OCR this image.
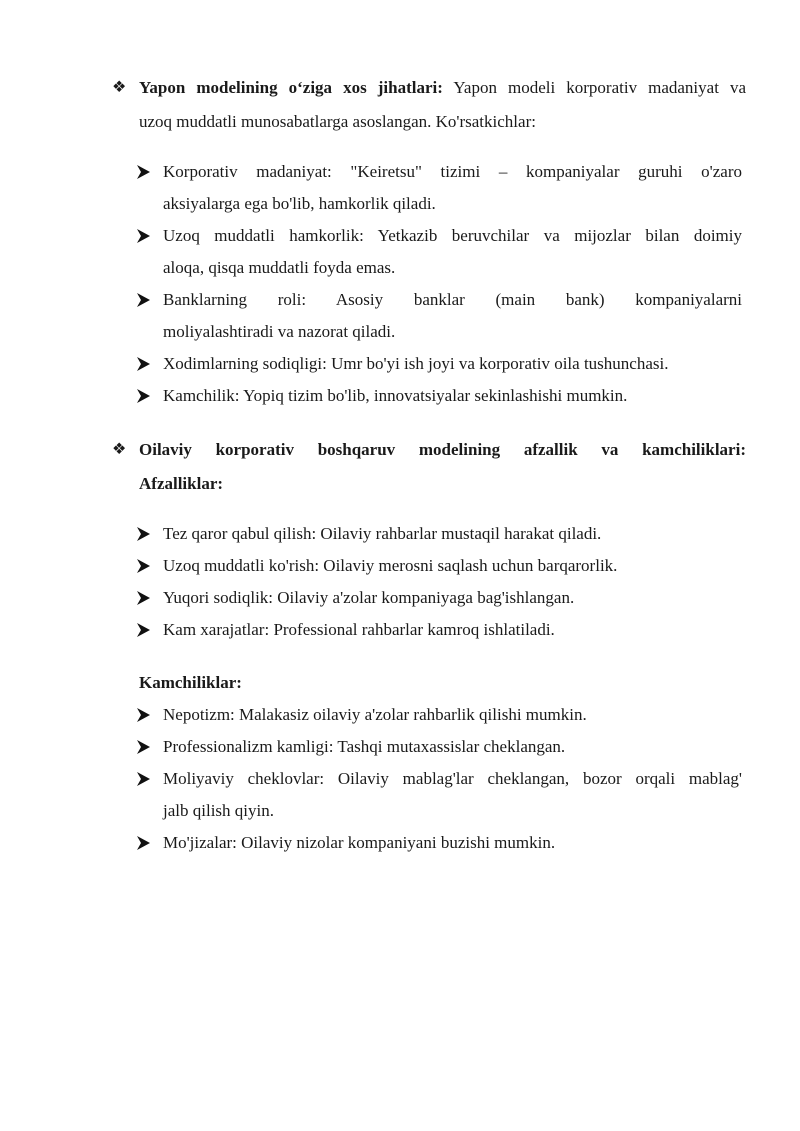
❖ Yapon modelining o‘ziga xos jihatlari: Yapon modeli korporativ madaniyat va
uzoq muddatli munosabatlarga asoslangan. Ko'rsatkichlar:
Korporativ madaniyat: "Keiretsu" tizimi – kompaniyalar guruhi o'zaro
aksiyalarga ega bo'lib, hamkorlik qiladi.
Uzoq muddatli hamkorlik: Yetkazib beruvchilar va mijozlar bilan doimiy
aloqa, qisqa muddatli foyda emas.
Banklarning roli: Asosiy banklar (main bank) kompaniyalarni
moliyalashtiradi va nazorat qiladi.
Xodimlarning sodiqligi: Umr bo'yi ish joyi va korporativ oila tushunchasi.
Kamchilik: Yopiq tizim bo'lib, innovatsiyalar sekinlashishi mumkin.
❖ Oilaviy korporativ boshqaruv modelining afzallik va kamchiliklari:
Afzalliklar:
Tez qaror qabul qilish: Oilaviy rahbarlar mustaqil harakat qiladi.
Uzoq muddatli ko'rish: Oilaviy merosni saqlash uchun barqarorlik.
Yuqori sodiqlik: Oilaviy a'zolar kompaniyaga bag'ishlangan.
Kam xarajatlar: Professional rahbarlar kamroq ishlatiladi.
Kamchiliklar:
Nepotizm: Malakasiz oilaviy a'zolar rahbarlik qilishi mumkin.
Professionalizm kamligi: Tashqi mutaxassislar cheklangan.
Moliyaviy cheklovlar: Oilaviy mablag'lar cheklangan, bozor orqali mablag'
jalb qilish qiyin.
Mo'jizalar: Oilaviy nizolar kompaniyani buzishi mumkin.
